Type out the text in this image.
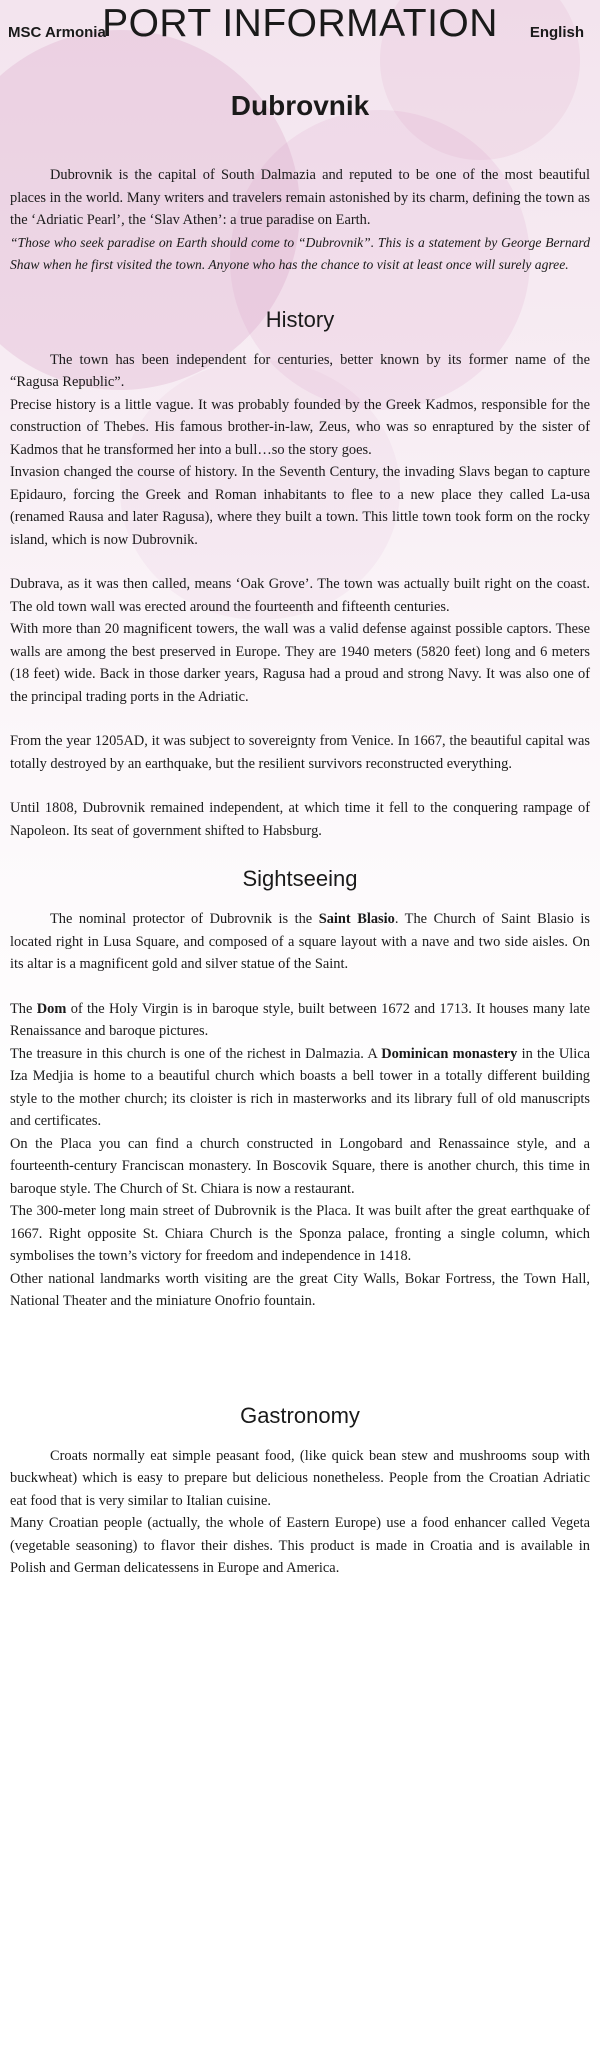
PORT INFORMATION
MSC Armonia	English
Dubrovnik

Dubrovnik is the capital of South Dalmazia and reputed to be one of the most beautiful places in the world. Many writers and travelers remain astonished by its charm, defining the town as the ‘Adriatic Pearl’, the ‘Slav Athen’: a true paradise on Earth.

“Those who seek paradise on Earth should come to “Dubrovnik”. This is a statement by George Bernard Shaw when he first visited the town. Anyone who has the chance to visit at least once will surely agree.

History

The town has been independent for centuries, better known by its former name of the “Ragusa Republic”.

Precise history is a little vague. It was probably founded by the Greek Kadmos, responsible for the construction of Thebes. His famous brother-in-law, Zeus, who was so enraptured by the sister of Kadmos that he transformed her into a bull…so the story goes.

Invasion changed the course of history. In the Seventh Century, the invading Slavs began to capture Epidauro, forcing the Greek and Roman inhabitants to flee to a new place they called La-usa (renamed Rausa and later Ragusa), where they built a town. This little town took form on the rocky island, which is now Dubrovnik.

Dubrava, as it was then called, means ‘Oak Grove’. The town was actually built right on the coast. The old town wall was erected around the fourteenth and fifteenth centuries.

With more than 20 magnificent towers, the wall was a valid defense against possible captors. These walls are among the best preserved in Europe. They are 1940 meters (5820 feet) long and 6 meters (18 feet) wide. Back in those darker years, Ragusa had a proud and strong Navy. It was also one of the principal trading ports in the Adriatic.

From the year 1205AD, it was subject to sovereignty from Venice. In 1667, the beautiful capital was totally destroyed by an earthquake, but the resilient survivors reconstructed everything.

Until 1808, Dubrovnik remained independent, at which time it fell to the conquering rampage of Napoleon. Its seat of government shifted to Habsburg.

Sightseeing

The nominal protector of Dubrovnik is the Saint Blasio. The Church of Saint Blasio is located right in Lusa Square, and composed of a square layout with a nave and two side aisles. On its altar is a magnificent gold and silver statue of the Saint.

The Dom of the Holy Virgin is in baroque style, built between 1672 and 1713. It houses many late Renaissance and baroque pictures.

The treasure in this church is one of the richest in Dalmazia. A Dominican monastery in the Ulica Iza Medjia is home to a beautiful church which boasts a bell tower in a totally different building style to the mother church; its cloister is rich in masterworks and its library full of old manuscripts and certificates.

On the Placa you can find a church constructed in Longobard and Renassaince style, and a fourteenth-century Franciscan monastery. In Boscovik Square, there is another church, this time in baroque style. The Church of St. Chiara is now a restaurant.

The 300-meter long main street of Dubrovnik is the Placa. It was built after the great earthquake of 1667. Right opposite St. Chiara Church is the Sponza palace, fronting a single column, which symbolises the town’s victory for freedom and independence in 1418.

Other national landmarks worth visiting are the great City Walls, Bokar Fortress, the Town Hall, National Theater and the miniature Onofrio fountain.

Gastronomy

Croats normally eat simple peasant food, (like quick bean stew and mushrooms soup with buckwheat) which is easy to prepare but delicious nonetheless. People from the Croatian Adriatic eat food that is very similar to Italian cuisine.

Many Croatian people (actually, the whole of Eastern Europe) use a food enhancer called Vegeta (vegetable seasoning) to flavor their dishes. This product is made in Croatia and is available in Polish and German delicatessens in Europe and America.
